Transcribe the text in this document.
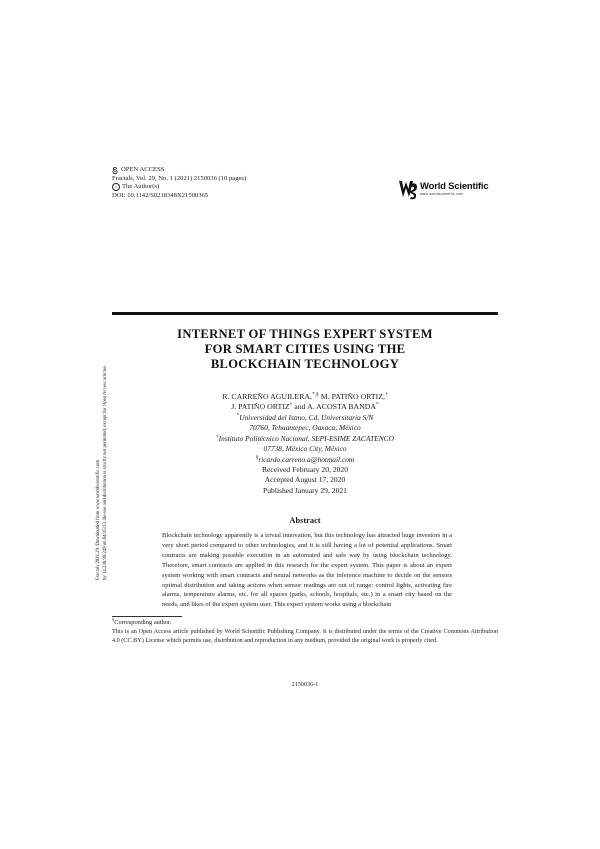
OPEN ACCESS
Fractals, Vol. 29, No. 1 (2021) 2150036 (10 pages)
c The Author(s)
DOI: 10.1142/S0218348X21500365
World Scientific
www.worldscientific.com
Fractals 2021.29. Downloaded from www.worldscientific.com by 14.238.99.249 on 04/15/23. Re-use and distribution is strictly not permitted, except for Open Access articles.
INTERNET OF THINGS EXPERT SYSTEM
FOR SMART CITIES USING THE
BLOCKCHAIN TECHNOLOGY
R. CARREÑO AGUILERA,*,§ M. PATIÑO ORTIZ,†
J. PATIÑO ORTIZ† and A. ACOSTA BANDA*
*Universidad del Istmo, Cd. Universitaria S/N
70760, Tehuantepec, Oaxaca, México
†Instituto Politécnico Nacional, SEPI-ESIME ZACATENCO
07738, México City, México
§ricardo.carreno.a@hotmail.com
Received February 20, 2020
Accepted August 17, 2020
Published January 29, 2021
Abstract
Blockchain technology apparently is a trivial innovation, but this technology has attracted huge investors in a very short period compared to other technologies, and it is still having a lot of potential applications. Smart contracts are making possible execution in an automated and safe way by using blockchain technology. Therefore, smart contracts are applied in this research for the expert system. This paper is about an expert system working with smart contracts and neural networks as the inference machine to decide on the sensors optimal distribution and taking actions when sensor readings are out of range: control lights, activating fire alarms, temperature alarms, etc. for all spaces (parks, schools, hospitals, etc.) in a smart city based on the needs, and likes of the expert system user. This expert system works using a blockchain
§Corresponding author.
This is an Open Access article published by World Scientific Publishing Company. It is distributed under the terms of the Creative Commons Attribution 4.0 (CC BY) License which permits use, distribution and reproduction in any medium, provided the original work is properly cited.
2150036-1
